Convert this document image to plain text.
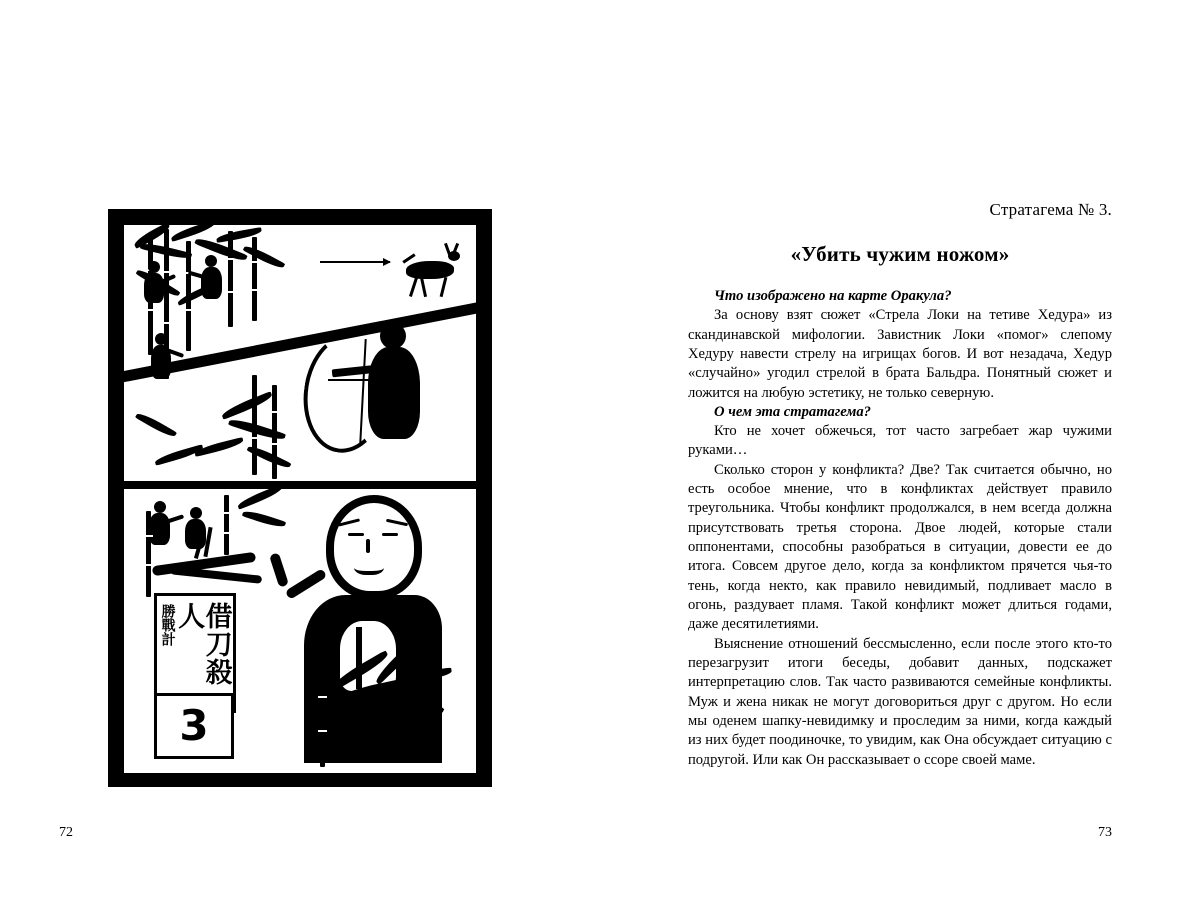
借刀殺人
勝戰計
3
72

Стратагема № 3.

«Убить чужим ножом»

Что изображено на карте Оракула?

За основу взят сюжет «Стрела Локи на тетиве Хедура» из скандинавской мифологии. Завистник Локи «помог» слепому Хедуру навести стрелу на игрищах богов. И вот незадача, Хедур «случайно» угодил стрелой в брата Бальдра. Понятный сюжет и ложится на любую эстетику, не только северную.

О чем эта стратагема?

Кто не хочет обжечься, тот часто загребает жар чужими руками…

Сколько сторон у конфликта? Две? Так считается обычно, но есть особое мнение, что в конфликтах действует правило треугольника. Чтобы конфликт продолжался, в нем всегда должна присутствовать третья сторона. Двое людей, которые стали оппонентами, способны разобраться в ситуации, довести ее до итога. Совсем другое дело, когда за конфликтом прячется чья-то тень, когда некто, как правило невидимый, подливает масло в огонь, раздувает пламя. Такой конфликт может длиться годами, даже десятилетиями.

Выяснение отношений бессмысленно, если после этого кто-то перезагрузит итоги беседы, добавит данных, подскажет интерпретацию слов. Так часто развиваются семейные конфликты. Муж и жена никак не могут договориться друг с другом. Но если мы оденем шапку-невидимку и проследим за ними, когда каждый из них будет поодиночке, то увидим, как Она обсуждает ситуацию с подругой. Или как Он рассказывает о ссоре своей маме.

73
